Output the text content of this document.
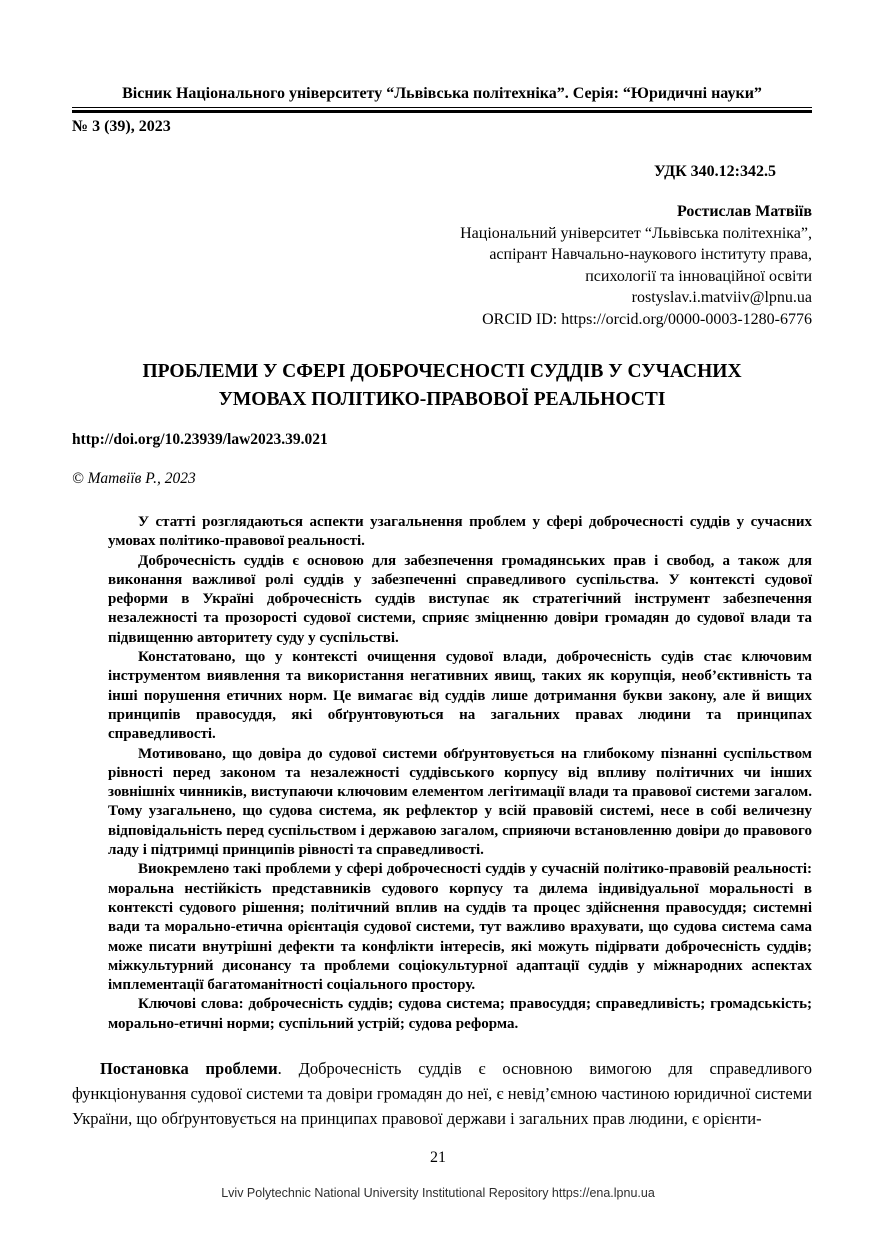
Вісник Національного університету “Львівська політехніка”. Серія: “Юридичні науки”
№ 3 (39), 2023
УДК 340.12:342.5
Ростислав Матвіїв
Національний університет “Львівська політехніка”,
аспірант Навчально-наукового інституту права,
психології та інноваційної освіти
rostyslav.i.matviiv@lpnu.ua
ORCID ID: https://orcid.org/0000-0003-1280-6776
ПРОБЛЕМИ У СФЕРІ ДОБРОЧЕСНОСТІ СУДДІВ У СУЧАСНИХ
УМОВАХ ПОЛІТИКО-ПРАВОВОЇ РЕАЛЬНОСТІ
http://doi.org/10.23939/law2023.39.021
© Матвіїв Р., 2023

У статті розглядаються аспекти узагальнення проблем у сфері доброчесності суддів у сучасних умовах політико-правової реальності.

Доброчесність суддів є основою для забезпечення громадянських прав і свобод, а також для виконання важливої ролі суддів у забезпеченні справедливого суспільства. У контексті судової реформи в Україні доброчесність суддів виступає як стратегічний інструмент забезпечення незалежності та прозорості судової системи, сприяє зміцненню довіри громадян до судової влади та підвищенню авторитету суду у суспільстві.

Констатовано, що у контексті очищення судової влади, доброчесність судів стає ключовим інструментом виявлення та використання негативних явищ, таких як корупція, необ’єктивність та інші порушення етичних норм. Це вимагає від суддів лише дотримання букви закону, але й вищих принципів правосуддя, які обґрунтовуються на загальних правах людини та принципах справедливості.

Мотивовано, що довіра до судової системи обґрунтовується на глибокому пізнанні суспільством рівності перед законом та незалежності суддівського корпусу від впливу політичних чи інших зовнішніх чинників, виступаючи ключовим елементом легітимації влади та правової системи загалом. Тому узагальнено, що судова система, як рефлектор у всій правовій системі, несе в собі величезну відповідальність перед суспільством і державою загалом, сприяючи встановленню довіри до правового ладу і підтримці принципів рівності та справедливості.

Виокремлено такі проблеми у сфері доброчесності суддів у сучасній політико-правовій реальності: моральна нестійкість представників судового корпусу та дилема індивідуальної моральності в контексті судового рішення; політичний вплив на суддів та процес здійснення правосуддя; системні вади та морально-етична орієнтація судової системи, тут важливо врахувати, що судова система сама може писати внутрішні дефекти та конфлікти інтересів, які можуть підірвати доброчесність суддів; міжкультурний дисонансу та проблеми соціокультурної адаптації суддів у міжнародних аспектах імплементації багатоманітності соціального простору.

Ключові слова: доброчесність суддів; судова система; правосуддя; справедливість; громадськість; морально-етичні норми; суспільний устрій; судова реформа.

Постановка проблеми. Доброчесність суддів є основною вимогою для справедливого функціонування судової системи та довіри громадян до неї, є невід’ємною частиною юридичної системи України, що обґрунтовується на принципах правової держави і загальних прав людини, є орієнти-

21
Lviv Polytechnic National University Institutional Repository https://ena.lpnu.ua
